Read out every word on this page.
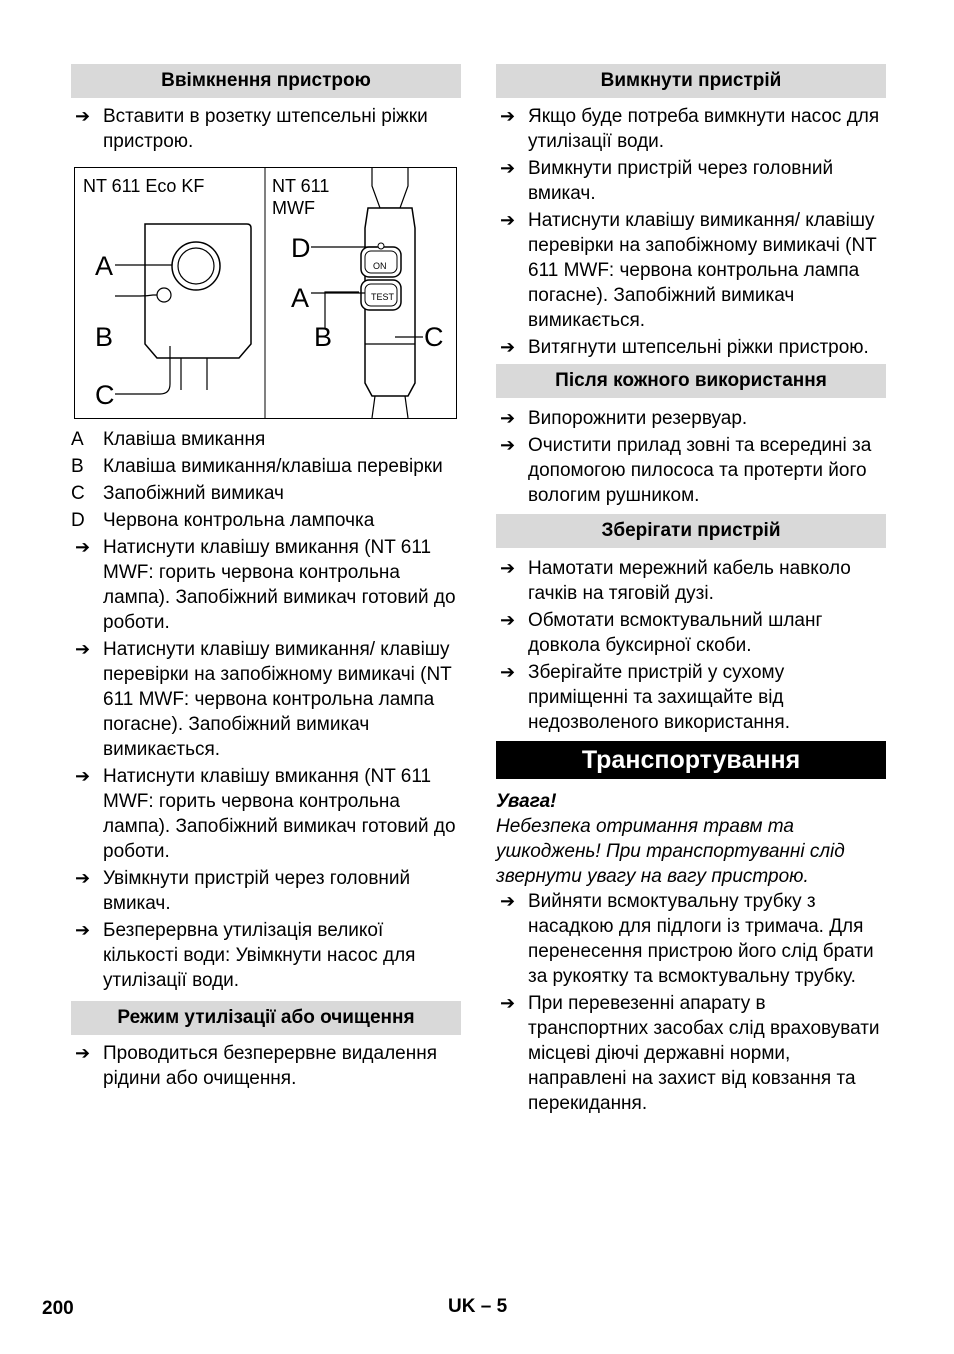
Ввімкнення пристрою
➔ Вставити в розетку штепсельні ріжки пристрою.
NT 611 Eco KF	NT 611
MWF
A
B
C
ON
TEST
D
A
B	C
A Клавіша вмикання
B Клавіша вимикання/клавіша перевірки
C Запобіжний вимикач
D Червона контрольна лампочка
➔ Натиснути клавішу вмикання (NT 611 MWF: горить червона контрольна лампа). Запобіжний вимикач готовий до роботи.
➔ Натиснути клавішу вимикання/ клавішу перевірки на запобіжному вимикачі (NT 611 MWF: червона контрольна лампа погасне). Запобіжний вимикач вимикається.
➔ Натиснути клавішу вмикання (NT 611 MWF: горить червона контрольна лампа). Запобіжний вимикач готовий до роботи.
➔ Увімкнути пристрій через головний вмикач.
➔ Безперервна утилізація великої кількості води: Увімкнути насос для утилізації води.
Режим утилізації або очищення
➔ Проводиться безперервне видалення рідини або очищення.
Вимкнути пристрій
➔ Якщо буде потреба вимкнути насос для утилізації води.
➔ Вимкнути пристрій через головний вмикач.
➔ Натиснути клавішу вимикання/ клавішу перевірки на запобіжному вимикачі (NT 611 MWF: червона контрольна лампа погасне). Запобіжний вимикач вимикається.
➔ Витягнути штепсельні ріжки пристрою.
Після кожного використання
➔ Випорожнити резервуар.
➔ Очистити прилад зовні та всередині за допомогою пилососа та протерти його вологим рушником.
Зберігати пристрій
➔ Намотати мережний кабель навколо гачків на тяговій дузі.
➔ Обмотати всмоктувальний шланг довкола буксирної скоби.
➔ Зберігайте пристрій у сухому приміщенні та захищайте від недозволеного використання.
Транспортування
Увага!
Небезпека отримання травм та ушкоджень! При транспортуванні слід звернути увагу на вагу пристрою.
➔ Вийняти всмоктувальну трубку з насадкою для підлоги із тримача. Для перенесення пристрою його слід брати за рукоятку та всмоктувальну трубку.
➔ При перевезенні апарату в транспортних засобах слід враховувати місцеві діючі державні норми, направлені на захист від ковзання та перекидання.
200	UK – 5
